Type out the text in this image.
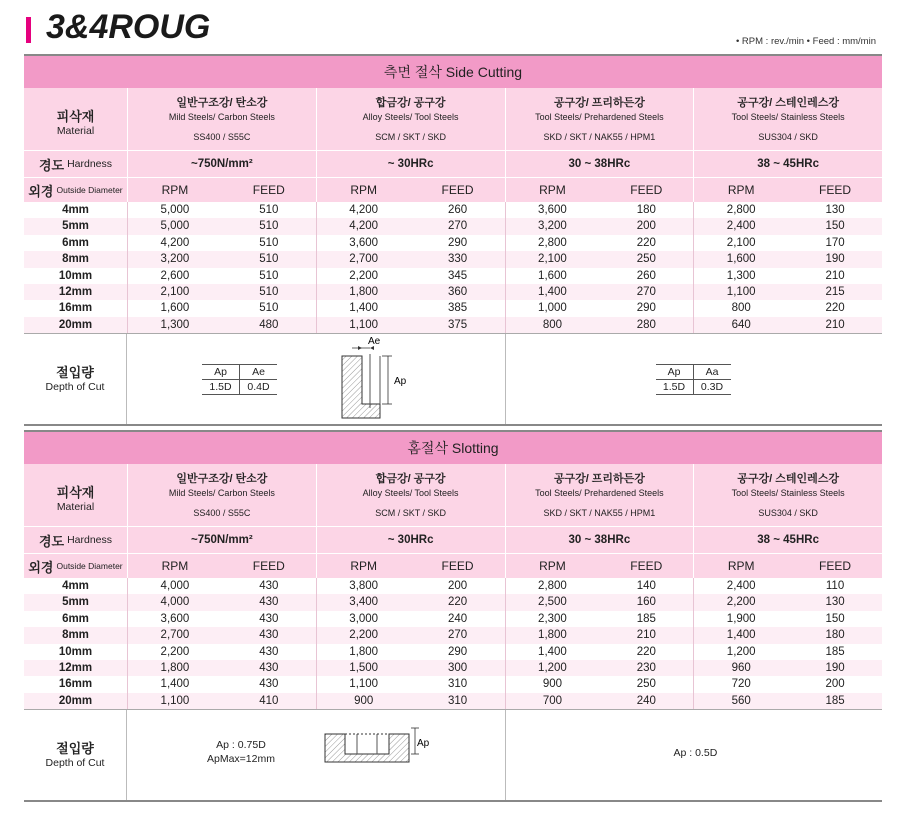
3&4ROUG	• RPM : rev./min • Feed : mm/min
측면 절삭 Side Cutting
피삭재
Material
일반구조강/ 탄소강
Mild Steels/ Carbon Steels
SS400 / S55C
합금강/ 공구강
Alloy Steels/ Tool Steels
SCM / SKT / SKD
공구강/ 프리하든강
Tool Steels/ Prehardened Steels
SKD / SKT / NAK55 / HPM1
공구강/ 스테인레스강
Tool Steels/ Stainless Steels
SUS304 / SKD
경도 Hardness	~750N/mm²	~ 30HRc	30 ~ 38HRc	38 ~ 45HRc
외경 Outside Diameter	RPM	FEED	RPM	FEED	RPM	FEED	RPM	FEED
4mm	5,000	510	4,200	260	3,600	180	2,800	130
5mm	5,000	510	4,200	270	3,200	200	2,400	150
6mm	4,200	510	3,600	290	2,800	220	2,100	170
8mm	3,200	510	2,700	330	2,100	250	1,600	190
10mm	2,600	510	2,200	345	1,600	260	1,300	210
12mm	2,100	510	1,800	360	1,400	270	1,100	215
16mm	1,600	510	1,400	385	1,000	290	800	220
20mm	1,300	480	1,100	375	800	280	640	210
절입량
Depth of Cut
Ap	Ae
1.5D	0.4D
Ae
Ap
Ap	Aa
1.5D	0.3D
홈절삭 Slotting
피삭재
Material
일반구조강/ 탄소강
Mild Steels/ Carbon Steels
SS400 / S55C
합금강/ 공구강
Alloy Steels/ Tool Steels
SCM / SKT / SKD
공구강/ 프리하든강
Tool Steels/ Prehardened Steels
SKD / SKT / NAK55 / HPM1
공구강/ 스테인레스강
Tool Steels/ Stainless Steels
SUS304 / SKD
경도 Hardness	~750N/mm²	~ 30HRc	30 ~ 38HRc	38 ~ 45HRc
외경 Outside Diameter	RPM	FEED	RPM	FEED	RPM	FEED	RPM	FEED
4mm	4,000	430	3,800	200	2,800	140	2,400	110
5mm	4,000	430	3,400	220	2,500	160	2,200	130
6mm	3,600	430	3,000	240	2,300	185	1,900	150
8mm	2,700	430	2,200	270	1,800	210	1,400	180
10mm	2,200	430	1,800	290	1,400	220	1,200	185
12mm	1,800	430	1,500	300	1,200	230	960	190
16mm	1,400	430	1,100	310	900	250	720	200
20mm	1,100	410	900	310	700	240	560	185
절입량
Depth of Cut
Ap : 0.75D
ApMax=12mm
Ap
Ap : 0.5D
